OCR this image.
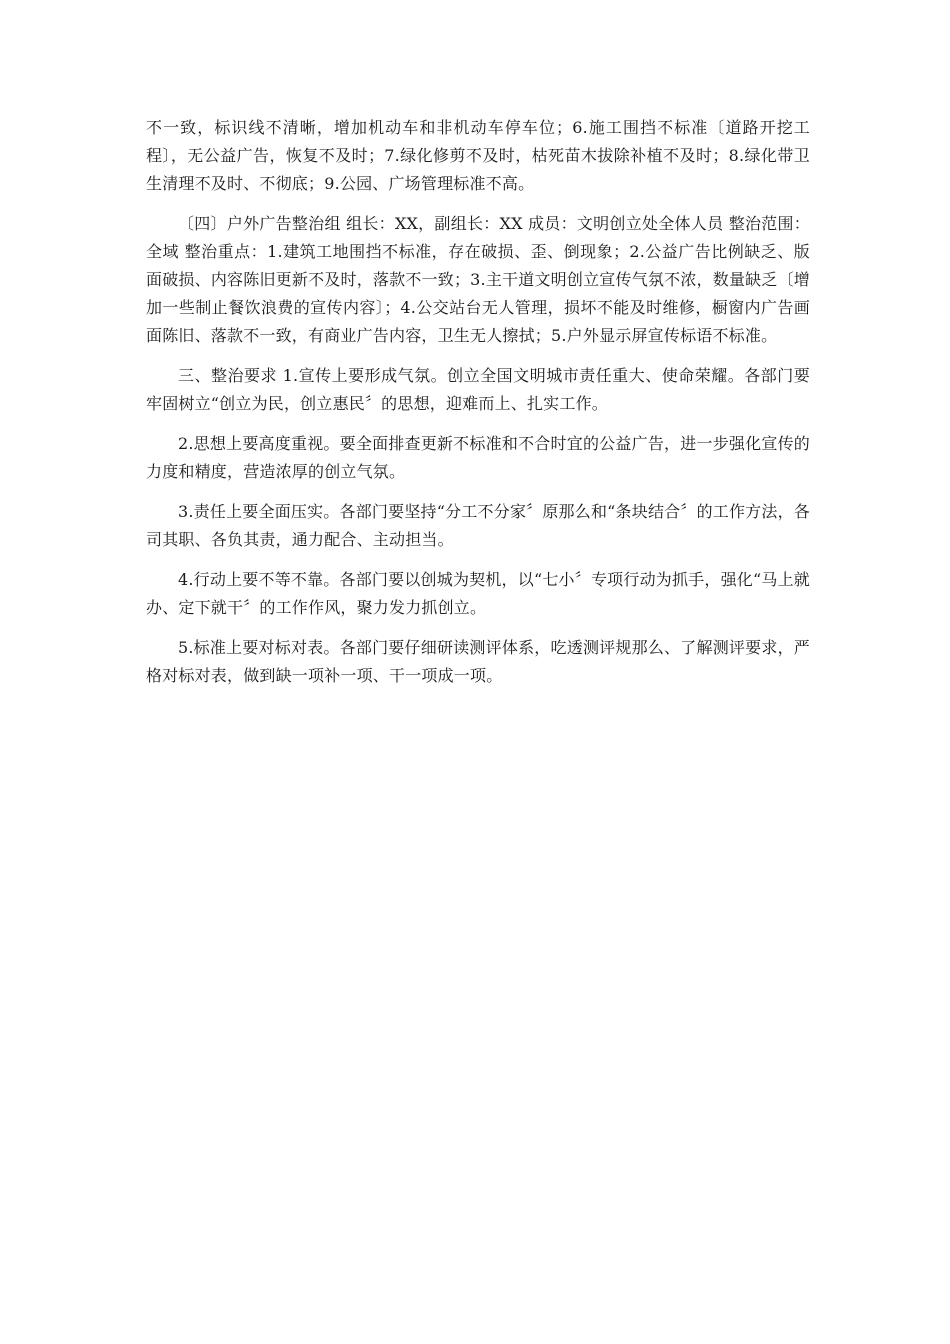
不一致，标识线不清晰，增加机动车和非机动车停车位；6.施工围挡不标准〔道路开挖工程〕，无公益广告，恢复不及时；7.绿化修剪不及时，枯死苗木拔除补植不及时；8.绿化带卫生清理不及时、不彻底；9.公园、广场管理标准不高。

〔四〕户外广告整治组 组长：XX，副组长：XX 成员：文明创立处全体人员 整治范围：全域 整治重点：1.建筑工地围挡不标准，存在破损、歪、倒现象；2.公益广告比例缺乏、版面破损、内容陈旧更新不及时，落款不一致；3.主干道文明创立宣传气氛不浓，数量缺乏〔增加一些制止餐饮浪费的宣传内容〕；4.公交站台无人管理，损坏不能及时维修，橱窗内广告画面陈旧、落款不一致，有商业广告内容，卫生无人擦拭；5.户外显示屏宣传标语不标准。

三、整治要求 1.宣传上要形成气氛。创立全国文明城市责任重大、使命荣耀。各部门要牢固树立“创立为民，创立惠民〞的思想，迎难而上、扎实工作。

2.思想上要高度重视。要全面排查更新不标准和不合时宜的公益广告，进一步强化宣传的力度和精度，营造浓厚的创立气氛。

3.责任上要全面压实。各部门要坚持“分工不分家〞原那么和“条块结合〞的工作方法，各司其职、各负其责，通力配合、主动担当。

4.行动上要不等不靠。各部门要以创城为契机，以“七小〞专项行动为抓手，强化“马上就办、定下就干〞的工作作风，聚力发力抓创立。

5.标准上要对标对表。各部门要仔细研读测评体系，吃透测评规那么、了解测评要求，严格对标对表，做到缺一项补一项、干一项成一项。
